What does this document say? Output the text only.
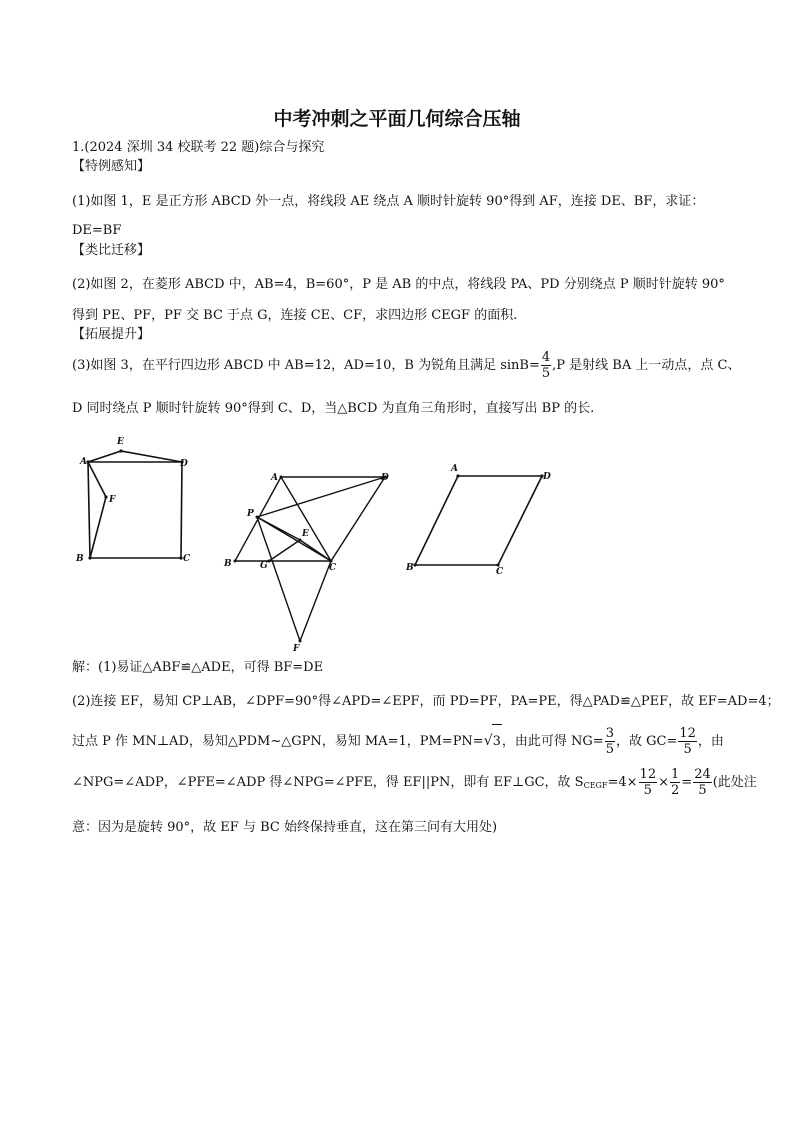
中考冲刺之平面几何综合压轴
1.(2024 深圳 34 校联考 22 题)综合与探究
【特例感知】
(1)如图 1，E 是正方形 ABCD 外一点，将线段 AE 绕点 A 顺时针旋转 90°得到 AF，连接 DE、BF，求证：
DE=BF
【类比迁移】
(2)如图 2，在菱形 ABCD 中，AB=4，B=60°，P 是 AB 的中点，将线段 PA、PD 分别绕点 P 顺时针旋转 90°
得到 PE、PF，PF 交 BC 于点 G，连接 CE、CF，求四边形 CEGF 的面积.
【拓展提升】
(3)如图 3，在平行四边形 ABCD 中 AB=12，AD=10，B 为锐角且满足 $\sin B= \frac{4}{5} ,P$ 是射线 BA 上一动点，点 C、
D 同时绕点 P 顺时针旋转 90°得到 C、D，当△BCD 为直角三角形时，直接写出 BP 的长.
A
E
D
F
B	C
A	D
P
E
B	G	C
F
A
D
B	C
解：(1)易证△ABF≌△ADE，可得 BF=DE
(2)连接 EF，易知 CP⊥AB，∠DPF=90°得∠APD=∠EPF，而 PD=PF，PA=PE，得△PAD≌△PEF，故 EF=AD=4；
过点 P 作 MN⊥AD，易知△PDM~△GPN，易知 MA=1，PM=PN=√3，由此可得 $NG= \frac{3}{5}$ ，故 $GC= \frac{12}{5}$ ，由
∠NPG=∠ADP，∠PFE=∠ADP 得∠NPG=∠PFE，得 EF||PN，即有 EF⊥GC，故 $S_{CEGF}=4\times \frac{12}{5} \times \frac{1}{2} = \frac{24}{5}$ (此处注
意：因为是旋转 90°，故 EF 与 BC 始终保持垂直，这在第三问有大用处)
